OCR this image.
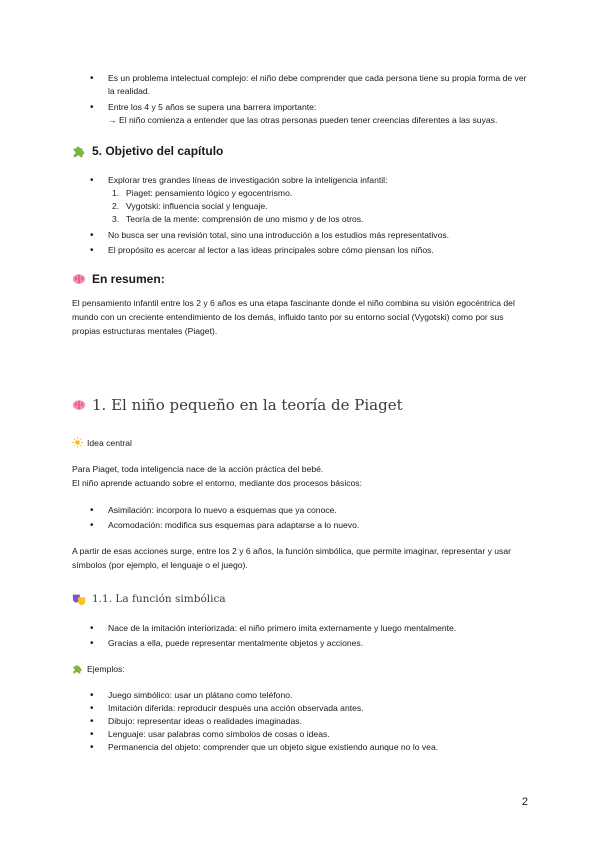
• Es un problema intelectual complejo: el niño debe comprender que cada persona tiene su propia forma de ver la realidad.
• Entre los 4 y 5 años se supera una barrera importante:
→ El niño comienza a entender que las otras personas pueden tener creencias diferentes a las suyas.
5. Objetivo del capítulo
• Explorar tres grandes líneas de investigación sobre la inteligencia infantil:
1. Piaget: pensamiento lógico y egocentrismo.
2. Vygotski: influencia social y lenguaje.
3. Teoría de la mente: comprensión de uno mismo y de los otros.
• No busca ser una revisión total, sino una introducción a los estudios más representativos.
• El propósito es acercar al lector a las ideas principales sobre cómo piensan los niños.
En resumen:

El pensamiento infantil entre los 2 y 6 años es una etapa fascinante donde el niño combina su visión egocéntrica del mundo con un creciente entendimiento de los demás, influido tanto por su entorno social (Vygotski) como por sus propias estructuras mentales (Piaget).

1. El niño pequeño en la teoría de Piaget
Idea central

Para Piaget, toda inteligencia nace de la acción práctica del bebé.
El niño aprende actuando sobre el entorno, mediante dos procesos básicos:

• Asimilación: incorpora lo nuevo a esquemas que ya conoce.
• Acomodación: modifica sus esquemas para adaptarse a lo nuevo.

A partir de esas acciones surge, entre los 2 y 6 años, la función simbólica, que permite imaginar, representar y usar símbolos (por ejemplo, el lenguaje o el juego).

1.1. La función simbólica
• Nace de la imitación interiorizada: el niño primero imita externamente y luego mentalmente.
• Gracias a ella, puede representar mentalmente objetos y acciones.
Ejemplos:
• Juego simbólico: usar un plátano como teléfono.
• Imitación diferida: reproducir después una acción observada antes.
• Dibujo: representar ideas o realidades imaginadas.
• Lenguaje: usar palabras como símbolos de cosas o ideas.
• Permanencia del objeto: comprender que un objeto sigue existiendo aunque no lo vea.
2
